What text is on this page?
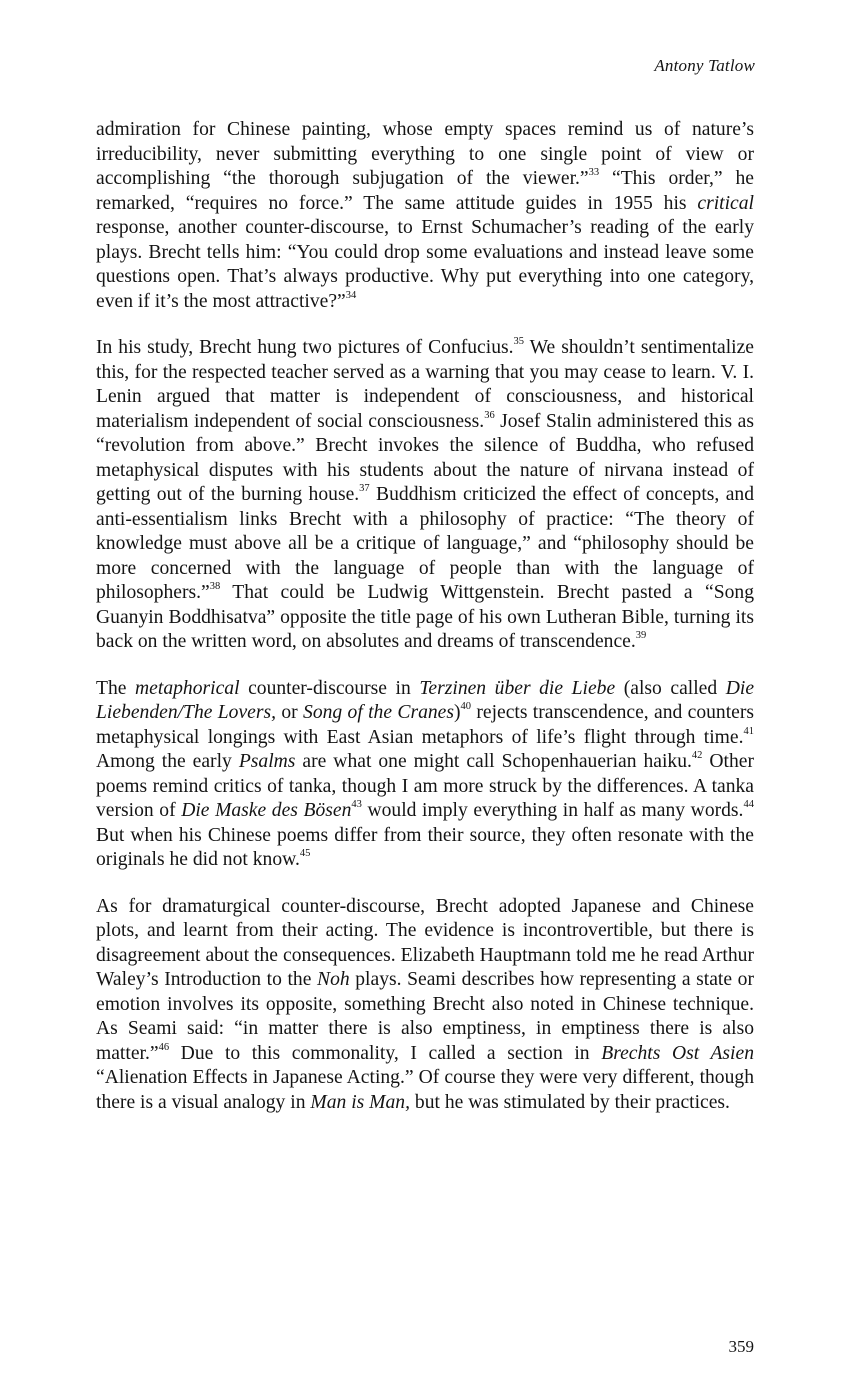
Antony Tatlow

admiration for Chinese painting, whose empty spaces remind us of nature’s irreducibility, never submitting everything to one single point of view or accomplishing “the thorough subjugation of the viewer.”$^{33}$ “This order,” he remarked, “requires no force.” The same attitude guides in 1955 his critical response, another counter-discourse, to Ernst Schumacher’s reading of the early plays. Brecht tells him: “You could drop some evaluations and instead leave some questions open. That’s always productive. Why put everything into one category, even if it’s the most attractive?”$^{34}$

In his study, Brecht hung two pictures of Confucius.$^{35}$ We shouldn’t sentimentalize this, for the respected teacher served as a warning that you may cease to learn. V. I. Lenin argued that matter is independent of consciousness, and historical materialism independent of social consciousness.$^{36}$ Josef Stalin administered this as “revolution from above.” Brecht invokes the silence of Buddha, who refused metaphysical disputes with his students about the nature of nirvana instead of getting out of the burning house.$^{37}$ Buddhism criticized the effect of concepts, and anti-essentialism links Brecht with a philosophy of practice: “The theory of knowledge must above all be a critique of language,” and “philosophy should be more concerned with the language of people than with the language of philosophers.”$^{38}$ That could be Ludwig Wittgenstein. Brecht pasted a “Song Guanyin Boddhisatva” opposite the title page of his own Lutheran Bible, turning its back on the written word, on absolutes and dreams of transcendence.$^{39}$

The metaphorical counter-discourse in Terzinen über die Liebe (also called Die Liebenden/The Lovers, or Song of the Cranes)$^{40}$ rejects transcendence, and counters metaphysical longings with East Asian metaphors of life’s flight through time.$^{41}$ Among the early Psalms are what one might call Schopenhauerian haiku.$^{42}$ Other poems remind critics of tanka, though I am more struck by the differences. A tanka version of Die Maske des Bösen$^{43}$ would imply everything in half as many words.$^{44}$ But when his Chinese poems differ from their source, they often resonate with the originals he did not know.$^{45}$

As for dramaturgical counter-discourse, Brecht adopted Japanese and Chinese plots, and learnt from their acting. The evidence is incontrovertible, but there is disagreement about the consequences. Elizabeth Hauptmann told me he read Arthur Waley’s Introduction to the Noh plays. Seami describes how representing a state or emotion involves its opposite, something Brecht also noted in Chinese technique. As Seami said: “in matter there is also emptiness, in emptiness there is also matter.”$^{46}$ Due to this commonality, I called a section in Brechts Ost Asien “Alienation Effects in Japanese Acting.” Of course they were very different, though there is a visual analogy in Man is Man, but he was stimulated by their practices.

359
